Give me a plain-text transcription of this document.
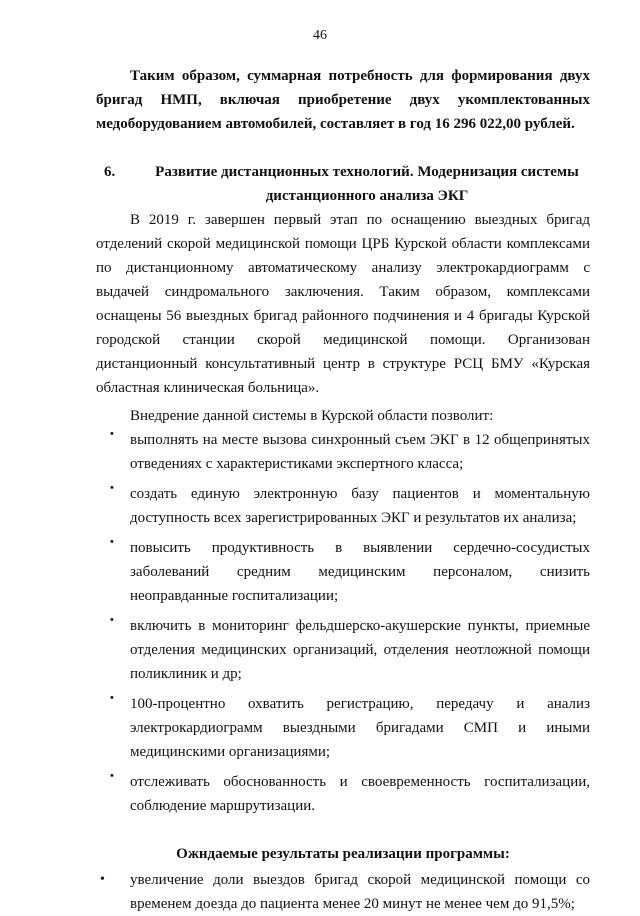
46

Таким образом, суммарная потребность для формирования двух бригад НМП, включая приобретение двух укомплектованных медоборудованием автомобилей, составляет в год 16 296 022,00 рублей.

6.	Развитие дистанционных технологий. Модернизация системы дистанционного анализа ЭКГ

В 2019 г. завершен первый этап по оснащению выездных бригад отделений скорой медицинской помощи ЦРБ Курской области комплексами по дистанционному автоматическому анализу электрокардиограмм с выдачей синдромального заключения. Таким образом, комплексами оснащены 56 выездных бригад районного подчинения и 4 бригады Курской городской станции скорой медицинской помощи. Организован дистанционный консультативный центр в структуре РСЦ БМУ «Курская областная клиническая больница».

Внедрение данной системы в Курской области позволит:

• выполнять на месте вызова синхронный съем ЭКГ в 12 общепринятых отведениях с характеристиками экспертного класса;
• создать единую электронную базу пациентов и моментальную доступность всех зарегистрированных ЭКГ и результатов их анализа;
• повысить продуктивность в выявлении сердечно-сосудистых заболеваний средним медицинским персоналом, снизить неоправданные госпитализации;
• включить в мониторинг фельдшерско-акушерские пункты, приемные отделения медицинских организаций, отделения неотложной помощи поликлиник и др;
• 100-процентно охватить регистрацию, передачу и анализ электрокардиограмм выездными бригадами СМП и иными медицинскими организациями;
• отслеживать обоснованность и своевременность госпитализации, соблюдение маршрутизации.
Ожндаемые результаты реализации программы:
• увеличение доли выездов бригад скорой медицинской помощи со временем доезда до пациента менее 20 минут не менее чем до 91,5%;
